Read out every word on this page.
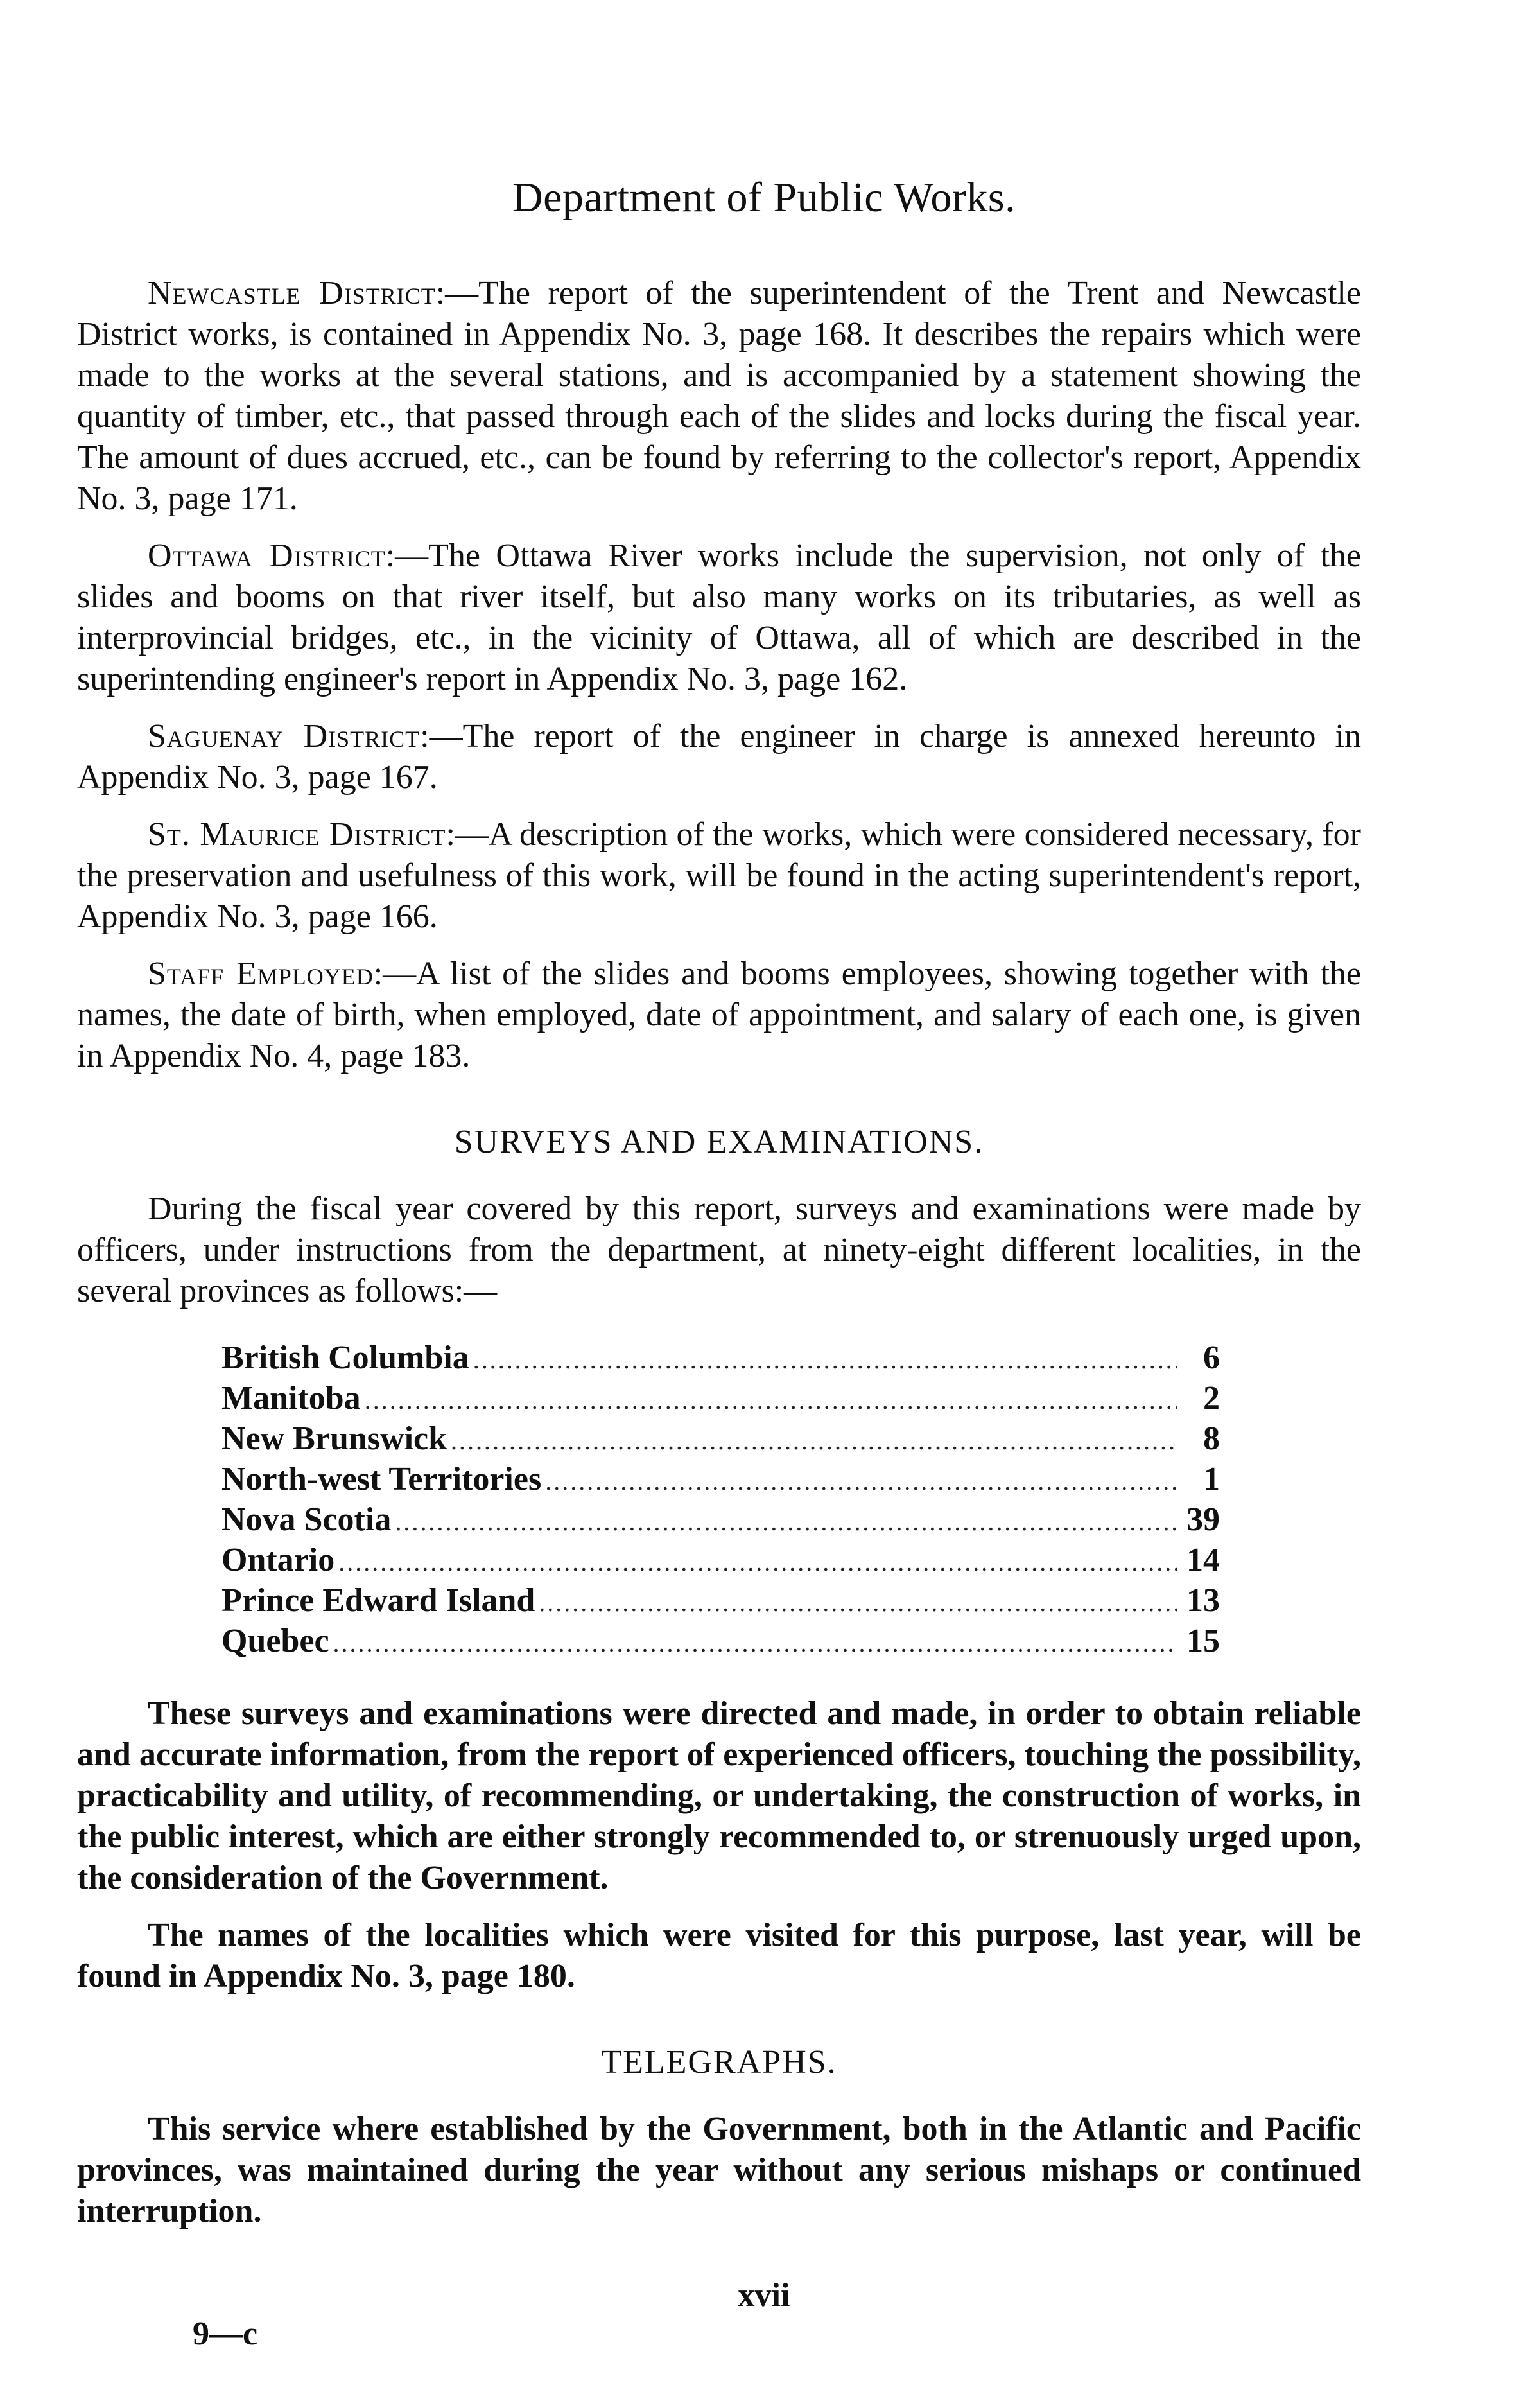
Department of Public Works.

Newcastle District:—The report of the superintendent of the Trent and Newcastle District works, is contained in Appendix No. 3, page 168. It describes the repairs which were made to the works at the several stations, and is accompanied by a statement showing the quantity of timber, etc., that passed through each of the slides and locks during the fiscal year. The amount of dues accrued, etc., can be found by referring to the collector's report, Appendix No. 3, page 171.

Ottawa District:—The Ottawa River works include the supervision, not only of the slides and booms on that river itself, but also many works on its tributaries, as well as interprovincial bridges, etc., in the vicinity of Ottawa, all of which are described in the superintending engineer's report in Appendix No. 3, page 162.

Saguenay District:—The report of the engineer in charge is annexed hereunto in Appendix No. 3, page 167.

St. Maurice District:—A description of the works, which were considered necessary, for the preservation and usefulness of this work, will be found in the acting superintendent's report, Appendix No. 3, page 166.

Staff Employed:—A list of the slides and booms employees, showing together with the names, the date of birth, when employed, date of appointment, and salary of each one, is given in Appendix No. 4, page 183.

SURVEYS AND EXAMINATIONS.

During the fiscal year covered by this report, surveys and examinations were made by officers, under instructions from the department, at ninety-eight different localities, in the several provinces as follows:—

British Columbia .....	6
Manitoba .....	2
New Brunswick .....	8
North-west Territories .....	1
Nova Scotia .....	39
Ontario .....	14
Prince Edward Island .....	13
Quebec .....	15

These surveys and examinations were directed and made, in order to obtain reliable and accurate information, from the report of experienced officers, touching the possibility, practicability and utility, of recommending, or undertaking, the construction of works, in the public interest, which are either strongly recommended to, or strenuously urged upon, the consideration of the Government.

The names of the localities which were visited for this purpose, last year, will be found in Appendix No. 3, page 180.

TELEGRAPHS.

This service where established by the Government, both in the Atlantic and Pacific provinces, was maintained during the year without any serious mishaps or continued interruption.

xvii
9—c
